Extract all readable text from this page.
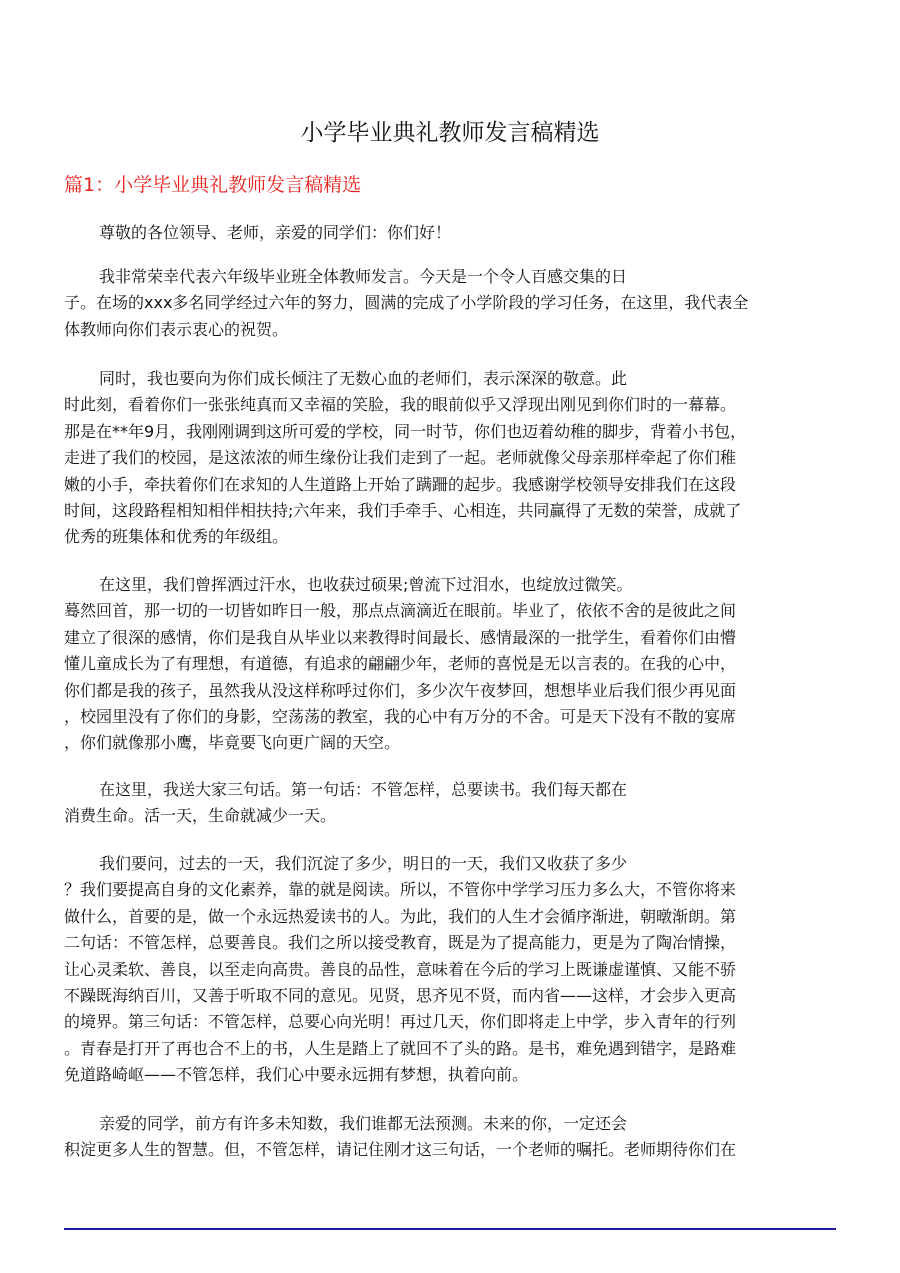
小学毕业典礼教师发言稿精选
篇1：小学毕业典礼教师发言稿精选
尊敬的各位领导、老师，亲爱的同学们：你们好！
我非常荣幸代表六年级毕业班全体教师发言。今天是一个令人百感交集的日
子。在场的xxx多名同学经过六年的努力，圆满的完成了小学阶段的学习任务，在这里，我代表全
体教师向你们表示衷心的祝贺。
同时，我也要向为你们成长倾注了无数心血的老师们，表示深深的敬意。此
时此刻，看着你们一张张纯真而又幸福的笑脸，我的眼前似乎又浮现出刚见到你们时的一幕幕。
那是在**年9月，我刚刚调到这所可爱的学校，同一时节，你们也迈着幼稚的脚步，背着小书包，
走进了我们的校园，是这浓浓的师生缘份让我们走到了一起。老师就像父母亲那样牵起了你们稚
嫩的小手，牵扶着你们在求知的人生道路上开始了蹒跚的起步。我感谢学校领导安排我们在这段
时间，这段路程相知相伴相扶持;六年来，我们手牵手、心相连，共同赢得了无数的荣誉，成就了
优秀的班集体和优秀的年级组。
在这里，我们曾挥洒过汗水，也收获过硕果;曾流下过泪水，也绽放过微笑。
蓦然回首，那一切的一切皆如昨日一般，那点点滴滴近在眼前。毕业了，依依不舍的是彼此之间
建立了很深的感情，你们是我自从毕业以来教得时间最长、感情最深的一批学生，看着你们由懵
懂儿童成长为了有理想，有道德，有追求的翩翩少年，老师的喜悦是无以言表的。在我的心中，
你们都是我的孩子，虽然我从没这样称呼过你们，多少次午夜梦回，想想毕业后我们很少再见面
，校园里没有了你们的身影，空荡荡的教室，我的心中有万分的不舍。可是天下没有不散的宴席
，你们就像那小鹰，毕竟要飞向更广阔的天空。
在这里，我送大家三句话。第一句话：不管怎样，总要读书。我们每天都在
消费生命。活一天，生命就减少一天。
我们要问，过去的一天，我们沉淀了多少，明日的一天，我们又收获了多少
？我们要提高自身的文化素养，靠的就是阅读。所以，不管你中学学习压力多么大，不管你将来
做什么，首要的是，做一个永远热爱读书的人。为此，我们的人生才会循序渐进，朝暾渐朗。第
二句话：不管怎样，总要善良。我们之所以接受教育，既是为了提高能力，更是为了陶冶情操，
让心灵柔软、善良，以至走向高贵。善良的品性，意味着在今后的学习上既谦虚谨慎、又能不骄
不躁既海纳百川，又善于听取不同的意见。见贤，思齐见不贤，而内省——这样，才会步入更高
的境界。第三句话：不管怎样，总要心向光明！再过几天，你们即将走上中学，步入青年的行列
。青春是打开了再也合不上的书，人生是踏上了就回不了头的路。是书，难免遇到错字，是路难
免道路崎岖——不管怎样，我们心中要永远拥有梦想，执着向前。
亲爱的同学，前方有许多未知数，我们谁都无法预测。未来的你，一定还会
积淀更多人生的智慧。但，不管怎样，请记住刚才这三句话，一个老师的嘱托。老师期待你们在
